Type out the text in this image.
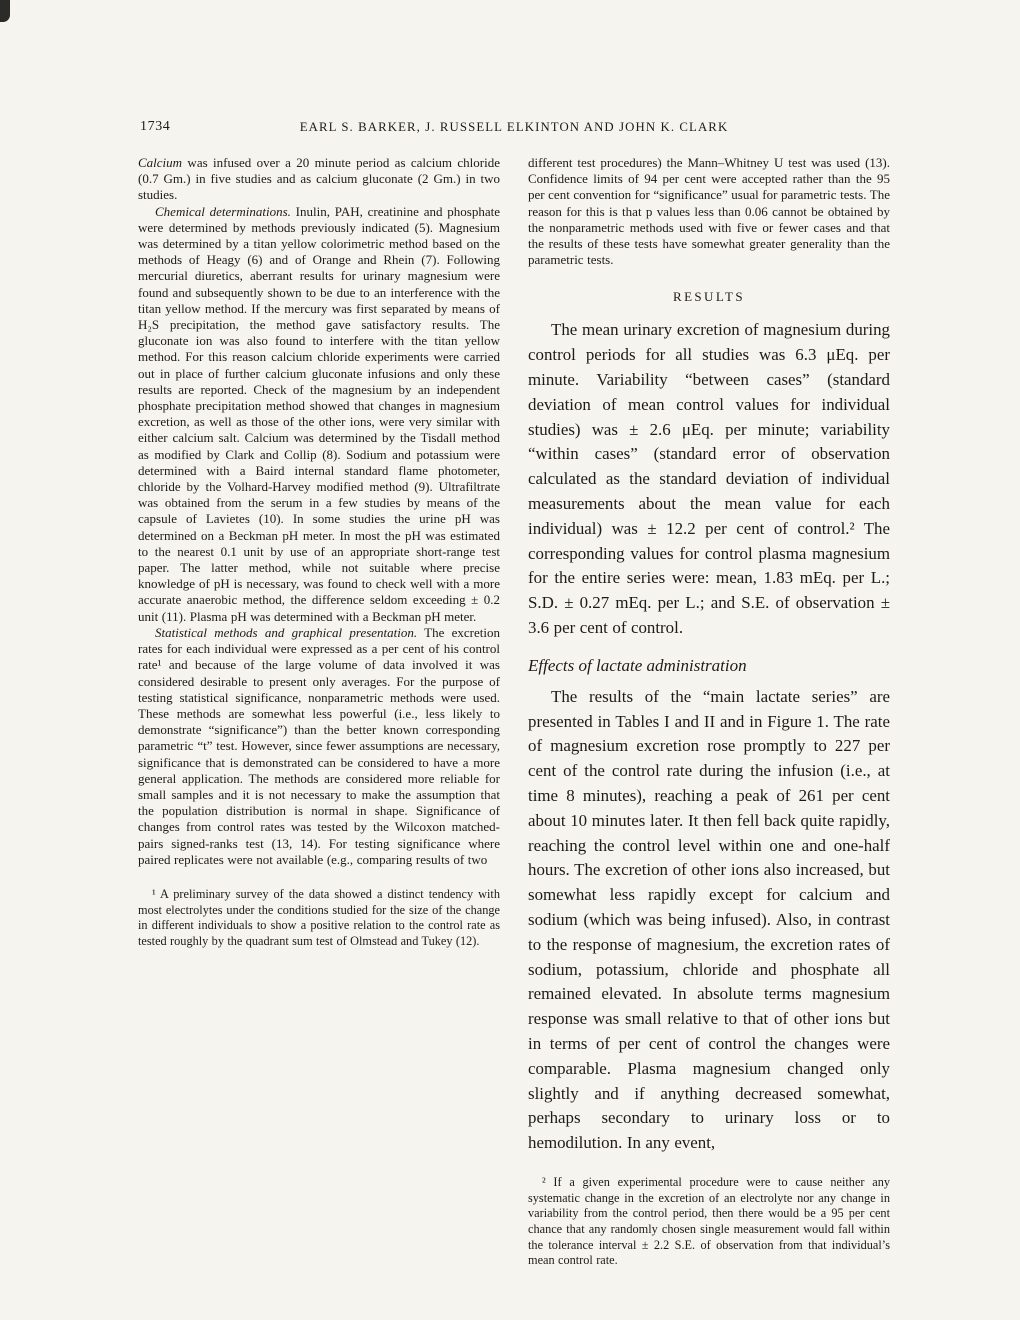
1734	EARL S. BARKER, J. RUSSELL ELKINTON AND JOHN K. CLARK

Calcium was infused over a 20 minute period as calcium chloride (0.7 Gm.) in five studies and as calcium gluconate (2 Gm.) in two studies.

Chemical determinations. Inulin, PAH, creatinine and phosphate were determined by methods previously indicated (5). Magnesium was determined by a titan yellow colorimetric method based on the methods of Heagy (6) and of Orange and Rhein (7). Following mercurial diuretics, aberrant results for urinary magnesium were found and subsequently shown to be due to an interference with the titan yellow method. If the mercury was first separated by means of H₂S precipitation, the method gave satisfactory results. The gluconate ion was also found to interfere with the titan yellow method. For this reason calcium chloride experiments were carried out in place of further calcium gluconate infusions and only these results are reported. Check of the magnesium by an independent phosphate precipitation method showed that changes in magnesium excretion, as well as those of the other ions, were very similar with either calcium salt. Calcium was determined by the Tisdall method as modified by Clark and Collip (8). Sodium and potassium were determined with a Baird internal standard flame photometer, chloride by the Volhard-Harvey modified method (9). Ultrafiltrate was obtained from the serum in a few studies by means of the capsule of Lavietes (10). In some studies the urine pH was determined on a Beckman pH meter. In most the pH was estimated to the nearest 0.1 unit by use of an appropriate short-range test paper. The latter method, while not suitable where precise knowledge of pH is necessary, was found to check well with a more accurate anaerobic method, the difference seldom exceeding ± 0.2 unit (11). Plasma pH was determined with a Beckman pH meter.

Statistical methods and graphical presentation. The excretion rates for each individual were expressed as a per cent of his control rate¹ and because of the large volume of data involved it was considered desirable to present only averages. For the purpose of testing statistical significance, nonparametric methods were used. These methods are somewhat less powerful (i.e., less likely to demonstrate “significance”) than the better known corresponding parametric “t” test. However, since fewer assumptions are necessary, significance that is demonstrated can be considered to have a more general application. The methods are considered more reliable for small samples and it is not necessary to make the assumption that the population distribution is normal in shape. Significance of changes from control rates was tested by the Wilcoxon matched-pairs signed-ranks test (13, 14). For testing significance where paired replicates were not available (e.g., comparing results of two

¹ A preliminary survey of the data showed a distinct tendency with most electrolytes under the conditions studied for the size of the change in different individuals to show a positive relation to the control rate as tested roughly by the quadrant sum test of Olmstead and Tukey (12).

different test procedures) the Mann–Whitney U test was used (13). Confidence limits of 94 per cent were accepted rather than the 95 per cent convention for “significance” usual for parametric tests. The reason for this is that p values less than 0.06 cannot be obtained by the nonparametric methods used with five or fewer cases and that the results of these tests have somewhat greater generality than the parametric tests.

RESULTS

The mean urinary excretion of magnesium during control periods for all studies was 6.3 μEq. per minute. Variability “between cases” (standard deviation of mean control values for individual studies) was ± 2.6 μEq. per minute; variability “within cases” (standard error of observation calculated as the standard deviation of individual measurements about the mean value for each individual) was ± 12.2 per cent of control.² The corresponding values for control plasma magnesium for the entire series were: mean, 1.83 mEq. per L.; S.D. ± 0.27 mEq. per L.; and S.E. of observation ± 3.6 per cent of control.

Effects of lactate administration

The results of the “main lactate series” are presented in Tables I and II and in Figure 1. The rate of magnesium excretion rose promptly to 227 per cent of the control rate during the infusion (i.e., at time 8 minutes), reaching a peak of 261 per cent about 10 minutes later. It then fell back quite rapidly, reaching the control level within one and one-half hours. The excretion of other ions also increased, but somewhat less rapidly except for calcium and sodium (which was being infused). Also, in contrast to the response of magnesium, the excretion rates of sodium, potassium, chloride and phosphate all remained elevated. In absolute terms magnesium response was small relative to that of other ions but in terms of per cent of control the changes were comparable. Plasma magnesium changed only slightly and if anything decreased somewhat, perhaps secondary to urinary loss or to hemodilution. In any event,

² If a given experimental procedure were to cause neither any systematic change in the excretion of an electrolyte nor any change in variability from the control period, then there would be a 95 per cent chance that any randomly chosen single measurement would fall within the tolerance interval ± 2.2 S.E. of observation from that individual’s mean control rate.
